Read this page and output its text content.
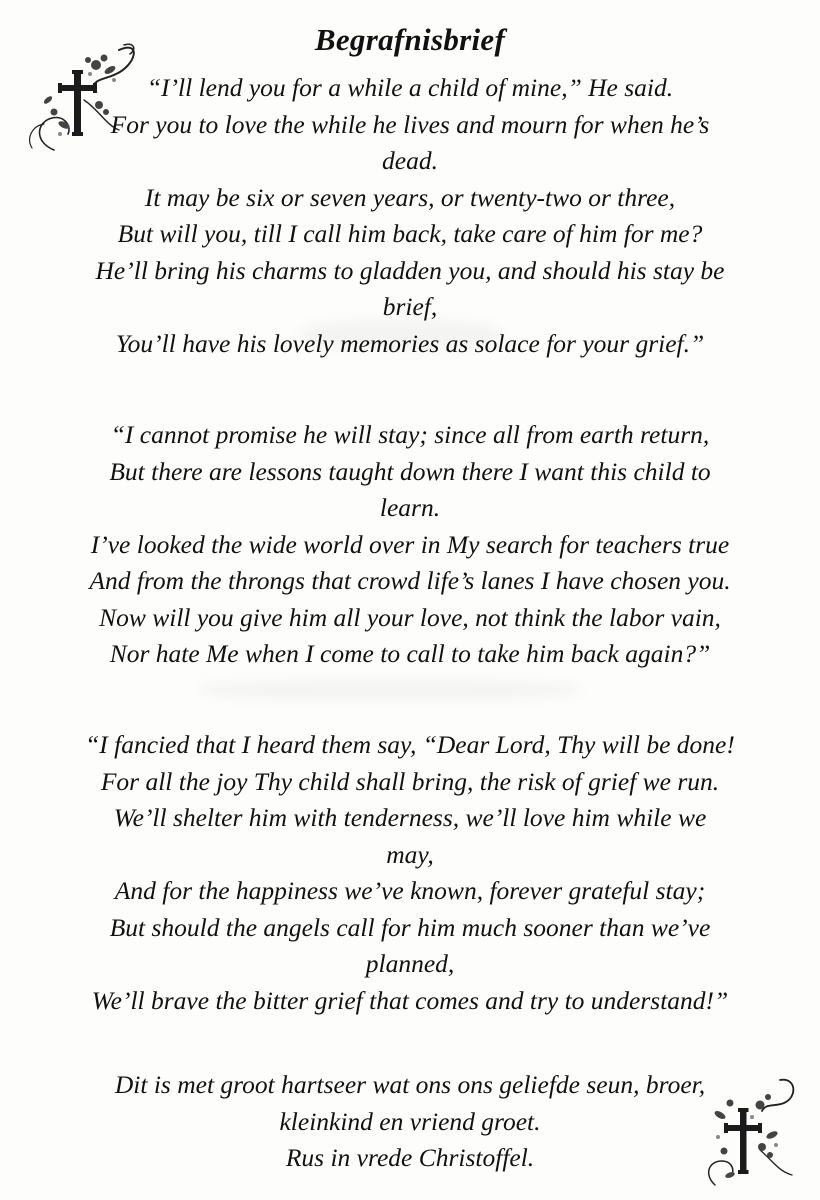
Begrafnisbrief
“I’ll lend you for a while a child of mine,” He said.
For you to love the while he lives and mourn for when he’s
dead.
It may be six or seven years, or twenty-two or three,
But will you, till I call him back, take care of him for me?
He’ll bring his charms to gladden you, and should his stay be
brief,
You’ll have his lovely memories as solace for your grief.”
“I cannot promise he will stay; since all from earth return,
But there are lessons taught down there I want this child to
learn.
I’ve looked the wide world over in My search for teachers true
And from the throngs that crowd life’s lanes I have chosen you.
Now will you give him all your love, not think the labor vain,
Nor hate Me when I come to call to take him back again?”
“I fancied that I heard them say, “Dear Lord, Thy will be done!
For all the joy Thy child shall bring, the risk of grief we run.
We’ll shelter him with tenderness, we’ll love him while we
may,
And for the happiness we’ve known, forever grateful stay;
But should the angels call for him much sooner than we’ve
planned,
We’ll brave the bitter grief that comes and try to understand!”
Dit is met groot hartseer wat ons ons geliefde seun, broer,
kleinkind en vriend groet.
Rus in vrede Christoffel.
